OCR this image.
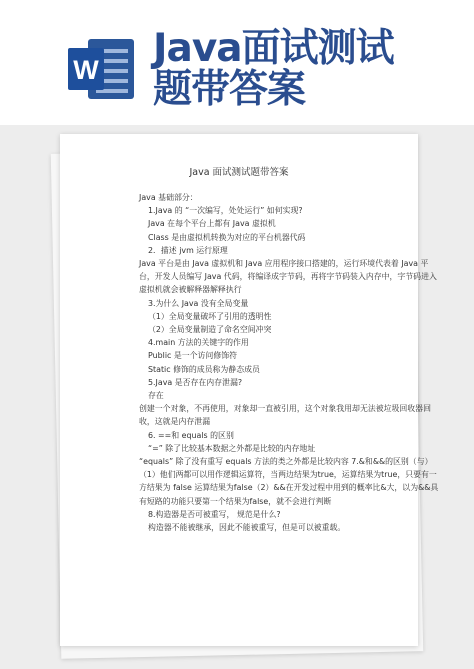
W Java面试测试
题带答案
Java 面试测试题带答案

Java 基础部分：

1.Java 的 “一次编写，处处运行” 如何实现?

Java 在每个平台上都有 Java 虚拟机

Class 是由虚拟机转换为对应的平台机器代码

2．描述 jvm 运行原理

Java 平台是由 Java 虚拟机和 Java 应用程序接口搭建的，运行环境代表着 Java 平台，开发人员编写 Java 代码，将编译成字节码，再将字节码装入内存中，字节码进入虚拟机就会被解释器解释执行

3.为什么 Java 没有全局变量

（1）全局变量破坏了引用的透明性

（2）全局变量制造了命名空间冲突

4.main 方法的关键字的作用

Public 是一个访问修饰符

Static 修饰的成员称为静态成员

5.Java 是否存在内存泄漏?

存在

创建一个对象，不再使用，对象却一直被引用，这个对象我用却无法被垃圾回收器回收，这就是内存泄漏

6. ==和 equals 的区别

“=” 除了比较基本数据之外都是比较的内存地址

“equals” 除了没有重写 equals 方法的类之外都是比较内容 7.&和&&的区别（与）

（1）他们两都可以用作逻辑运算符，当两边结果为true，运算结果为true，只要有一方结果为 false 运算结果为false（2）&&在开发过程中用到的概率比&大，以为&&具有短路的功能只要第一个结果为false，就不会进行判断

8.构造器是否可被重写， 规范是什么?

构造器不能被继承，因此不能被重写，但是可以被重载。
